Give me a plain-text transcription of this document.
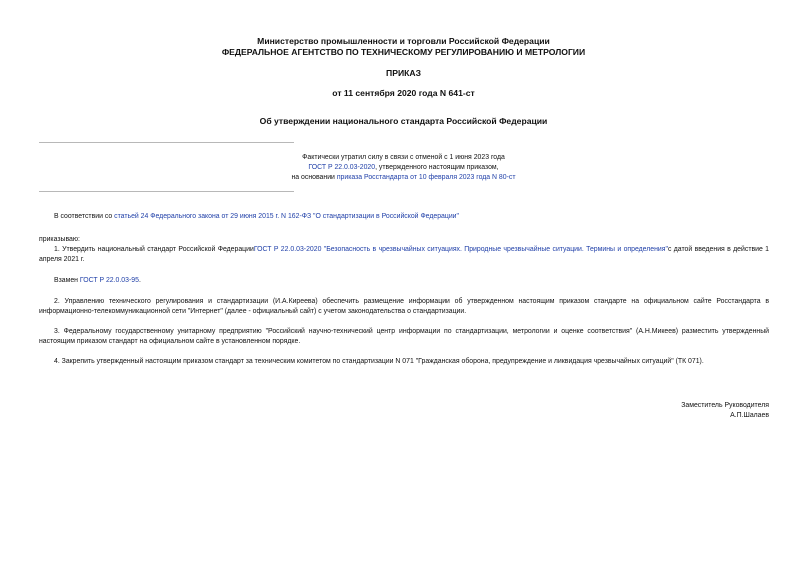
Министерство промышленности и торговли Российской Федерации
ФЕДЕРАЛЬНОЕ АГЕНТСТВО ПО ТЕХНИЧЕСКОМУ РЕГУЛИРОВАНИЮ И МЕТРОЛОГИИ
ПРИКАЗ
от 11 сентября 2020 года N 641-ст
Об утверждении национального стандарта Российской Федерации
Фактически утратил силу в связи с отменой с 1 июня 2023 года
ГОСТ Р 22.0.03-2020, утвержденного настоящим приказом,
на основании приказа Росстандарта от 10 февраля 2023 года N 80-ст
В соответствии со статьей 24 Федерального закона от 29 июня 2015 г. N 162-ФЗ "О стандартизации в Российской Федерации"
приказываю:
1. Утвердить национальный стандарт Российской ФедерацииГОСТ Р 22.0.03-2020 "Безопасность в чрезвычайных ситуациях. Природные чрезвычайные ситуации. Термины и определения"с датой введения в действие 1 апреля 2021 г.
Взамен ГОСТ Р 22.0.03-95.
2. Управлению технического регулирования и стандартизации (И.А.Киреева) обеспечить размещение информации об утвержденном настоящим приказом стандарте на официальном сайте Росстандарта в информационно-телекоммуникационной сети "Интернет" (далее - официальный сайт) с учетом законодательства о стандартизации.
3. Федеральному государственному унитарному предприятию "Российский научно-технический центр информации по стандартизации, метрологии и оценке соответствия" (А.Н.Микеев) разместить утвержденный настоящим приказом стандарт на официальном сайте в установленном порядке.
4. Закрепить утвержденный настоящим приказом стандарт за техническим комитетом по стандартизации N 071 "Гражданская оборона, предупреждение и ликвидация чрезвычайных ситуаций" (ТК 071).
Заместитель Руководителя
А.П.Шалаев
